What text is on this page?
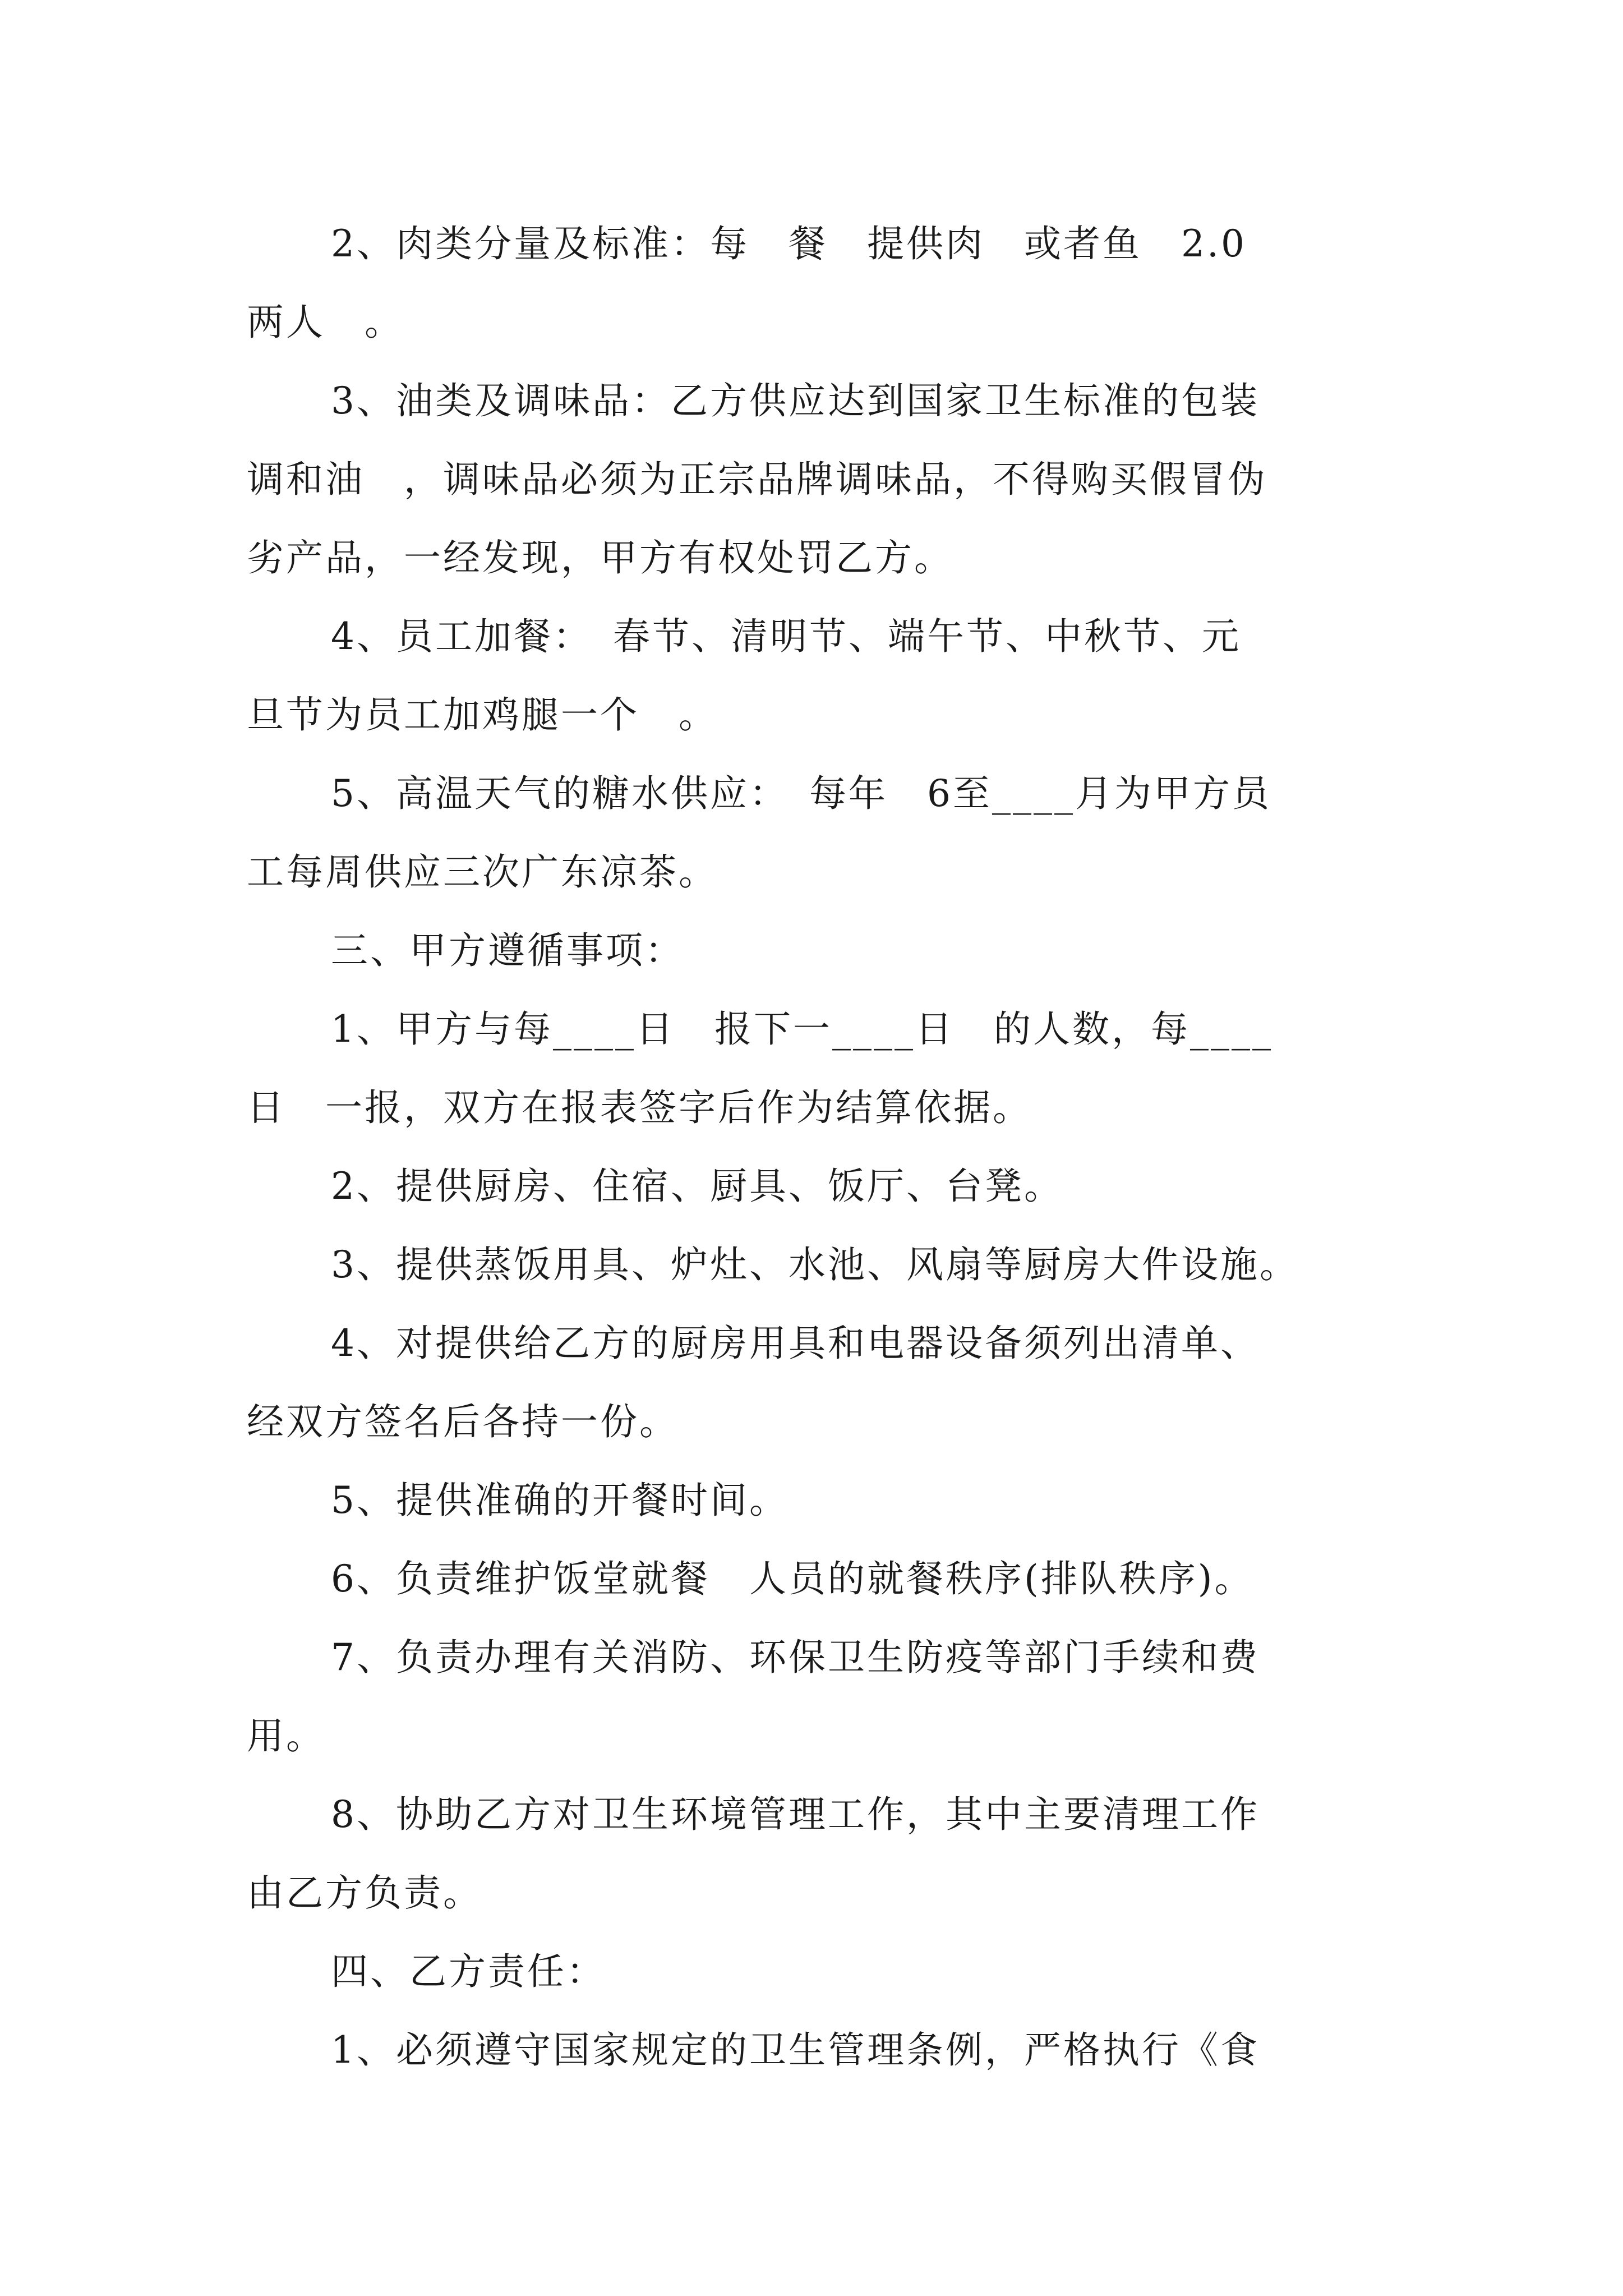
2、肉类分量及标准：每　餐　提供肉　或者鱼　2.0
两人　。
3、油类及调味品：乙方供应达到国家卫生标准的包装
调和油　，调味品必须为正宗品牌调味品，不得购买假冒伪
劣产品，一经发现，甲方有权处罚乙方。
4、员工加餐：　春节、清明节、端午节、中秋节、元
旦节为员工加鸡腿一个　。
5、高温天气的糖水供应：　每年　6至____月为甲方员
工每周供应三次广东凉茶。
三、甲方遵循事项：
1、甲方与每____日　报下一____日　的人数，每____
日　一报，双方在报表签字后作为结算依据。
2、提供厨房、住宿、厨具、饭厅、台凳。
3、提供蒸饭用具、炉灶、水池、风扇等厨房大件设施。
4、对提供给乙方的厨房用具和电器设备须列出清单、
经双方签名后各持一份。
5、提供准确的开餐时间。
6、负责维护饭堂就餐　人员的就餐秩序(排队秩序)。
7、负责办理有关消防、环保卫生防疫等部门手续和费
用。
8、协助乙方对卫生环境管理工作，其中主要清理工作
由乙方负责。
四、乙方责任：
1、必须遵守国家规定的卫生管理条例，严格执行《食
